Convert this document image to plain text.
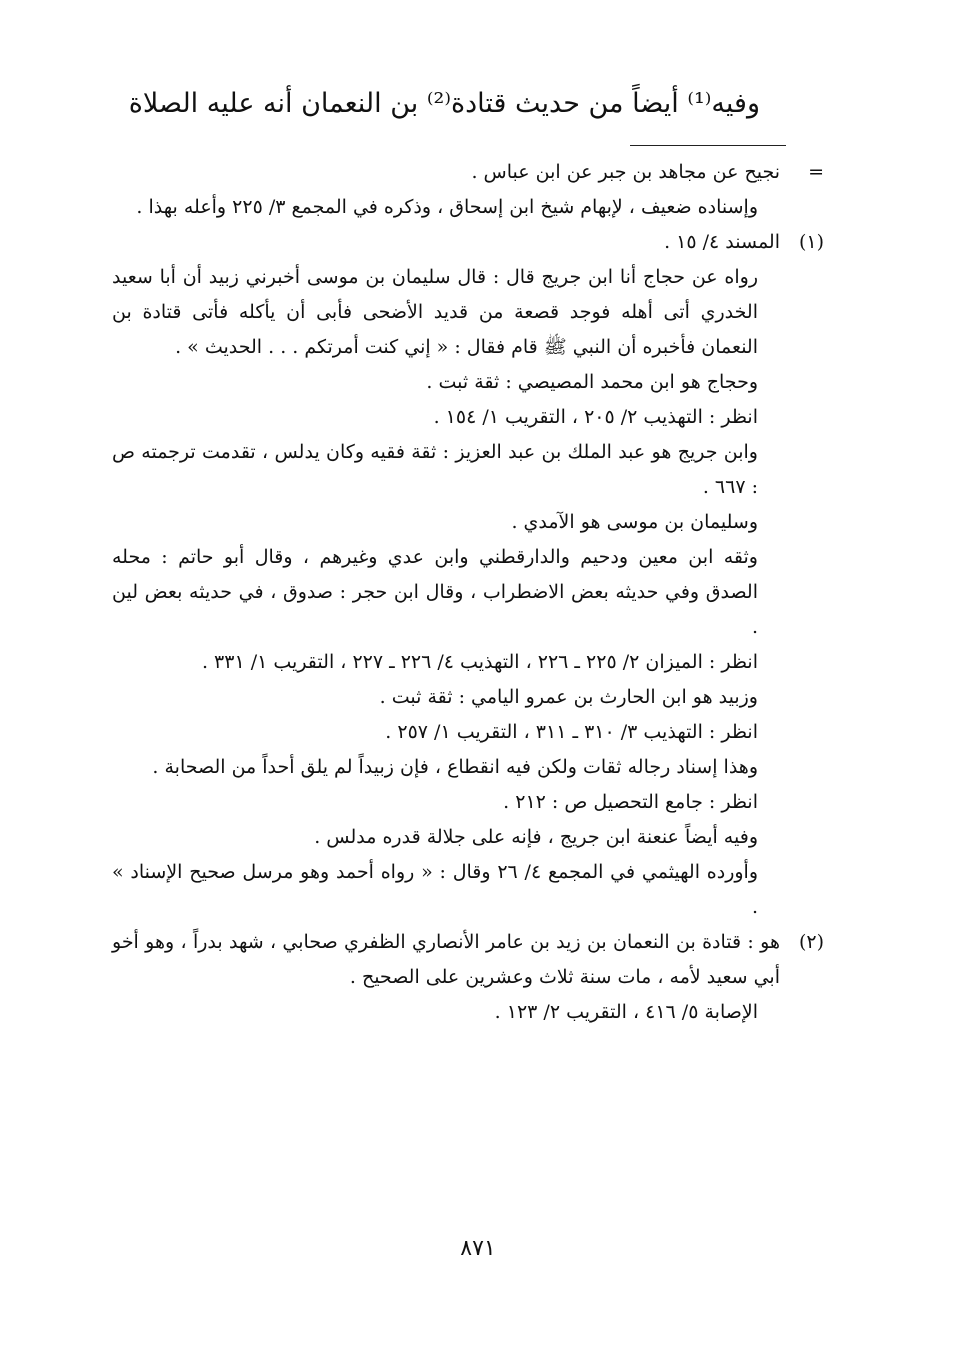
وفيه⁽¹⁾ أيضاً من حديث قتادة⁽²⁾ بن النعمان أنه عليه الصلاة
=
نجيح عن مجاهد بن جبر عن ابن عباس .
وإسناده ضعيف ، لإبهام شيخ ابن إسحاق ، وذكره في المجمع ٣/ ٢٢٥ وأعله بهذا .
(١)
المسند ٤/ ١٥ .
رواه عن حجاج أنا ابن جريج قال : قال سليمان بن موسى أخبرني زبيد أن أبا سعيد الخدري أتى أهله فوجد قصعة من قديد الأضحى فأبى أن يأكله فأتى قتادة بن النعمان فأخبره أن النبي ﷺ قام فقال : « إني كنت أمرتكم . . . الحديث » .
وحجاج هو ابن محمد المصيصي : ثقة ثبت .
انظر : التهذيب ٢/ ٢٠٥ ، التقريب ١/ ١٥٤ .
وابن جريج هو عبد الملك بن عبد العزيز : ثقة فقيه وكان يدلس ، تقدمت ترجمته ص : ٦٦٧ .
وسليمان بن موسى هو الآمدي .
وثقه ابن معين ودحيم والدارقطني وابن عدي وغيرهم ، وقال أبو حاتم : محله الصدق وفي حديثه بعض الاضطراب ، وقال ابن حجر : صدوق ، في حديثه بعض لين .
انظر : الميزان ٢/ ٢٢٥ ـ ٢٢٦ ، التهذيب ٤/ ٢٢٦ ـ ٢٢٧ ، التقريب ١/ ٣٣١ .
وزبيد هو ابن الحارث بن عمرو اليامي : ثقة ثبت .
انظر : التهذيب ٣/ ٣١٠ ـ ٣١١ ، التقريب ١/ ٢٥٧ .
وهذا إسناد رجاله ثقات ولكن فيه انقطاع ، فإن زبيداً لم يلق أحداً من الصحابة .
انظر : جامع التحصيل ص : ٢١٢ .
وفيه أيضاً عنعنة ابن جريج ، فإنه على جلالة قدره مدلس .
وأورده الهيثمي في المجمع ٤/ ٢٦ وقال : « رواه أحمد وهو مرسل صحيح الإسناد » .
(٢)
هو : قتادة بن النعمان بن زيد بن عامر الأنصاري الظفري صحابي ، شهد بدراً ، وهو أخو أبي سعيد لأمه ، مات سنة ثلاث وعشرين على الصحيح .
الإصابة ٥/ ٤١٦ ، التقريب ٢/ ١٢٣ .
٨٧١
